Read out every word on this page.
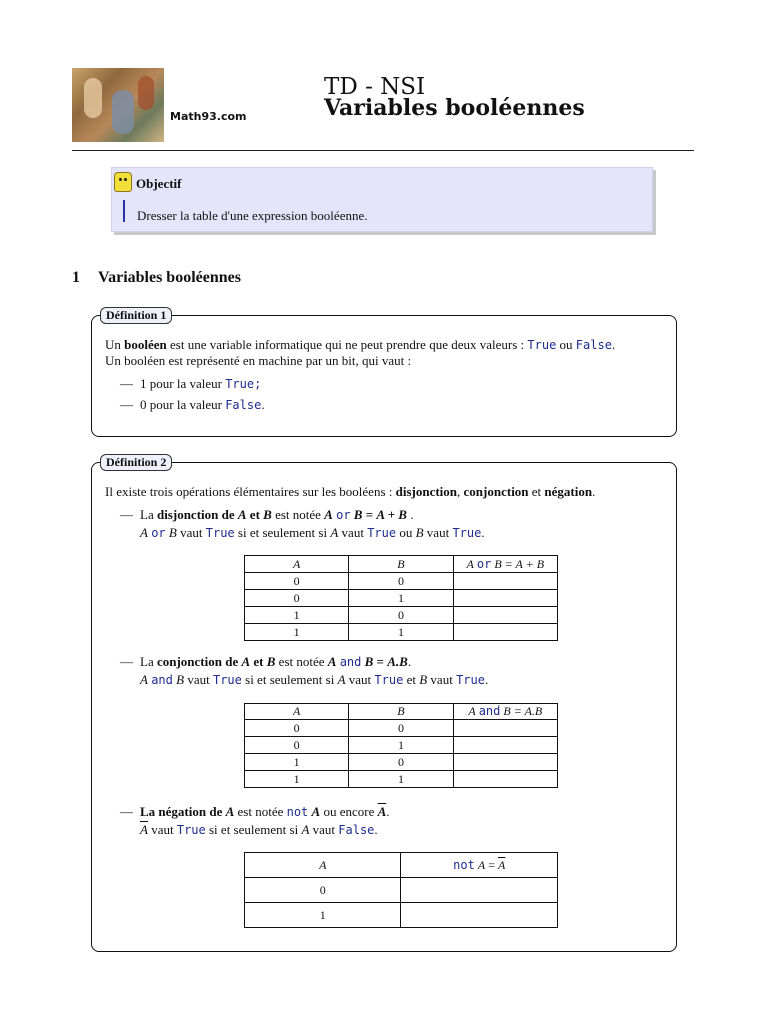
Math93.com
TD - NSI
Variables booléennes
Objectif
Dresser la table d'une expression booléenne.
1 Variables booléennes
Définition 1
Un booléen est une variable informatique qui ne peut prendre que deux valeurs : True ou False.
Un booléen est représenté en machine par un bit, qui vaut :
— 1 pour la valeur True;
— 0 pour la valeur False.
Définition 2
Il existe trois opérations élémentaires sur les booléens : disjonction, conjonction et négation.
— La disjonction de A et B est notée A or B = A + B .
A or B vaut True si et seulement si A vaut True ou B vaut True.
A	B	A or B = A + B
0	0	
0	1	
1	0	
1	1	
— La conjonction de A et B est notée A and B = A.B.
A and B vaut True si et seulement si A vaut True et B vaut True.
A	B	A and B = A.B
0	0	
0	1	
1	0	
1	1	
— La négation de A est notée not A ou encore $\overline{A}$.
$\overline{A}$ vaut True si et seulement si A vaut False.
A	not $A = \overline{A}$
0	
1	
